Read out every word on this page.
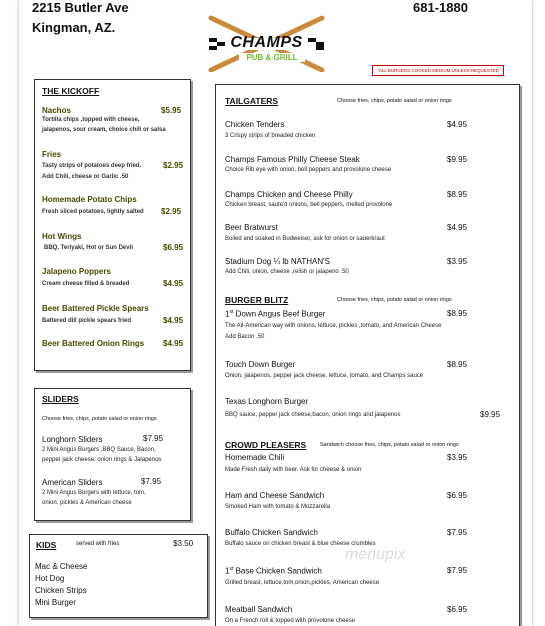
2215 Butler Ave
Kingman, AZ.
681-1880
CHAMPS
PUB & GRILL
*ALL BURGERS COOKED MEDIUM UNLESS REQUESTED
THE KICKOFF
Nachos	$5.95
Tortilla chips ,topped with cheese,
jalapenos, sour cream, choice chili or salsa
Fries
Tasty strips of potatoes deep fried.	$2.95
Add Chili, cheese or Garlic .50
Homemade Potato Chips
Fresh sliced potatoes, lightly salted $2.95
Hot Wings
BBQ, Teriyaki, Hot or Sun Devil	$6.95
Jalapeno Poppers
Cream cheese filled & breaded	$4.95
Beer Battered Pickle Spears
Battered dill pickle spears fried	$4.95
Beer Battered Onion Rings $4.95
SLIDERS
Choose fries, chips, potato salad or onion rings
Longhorn Sliders	$7.95
2 Mini Angus Burgers ,BBQ Sauce, Bacon,
pepper jack cheese, onion rings & Jalapenos
American Sliders	$7.95
2 Mini Angus Burgers with lettuce, tom,
onion, pickles & American cheese
KIDS	served with fries	$3.50
Mac & Cheese
Hot Dog
Chicken Strips
Mini Burger
TAILGATERS	Choose fries, chips, potato salad or onion rings
Chicken Tenders	$4.95
3 Crispy strips of breaded chicken
Champs Famous Philly Cheese Steak	$9.95
Choice Rib eye with onion, bell peppers and provolone cheese
Champs Chicken and Cheese Philly	$8.95
Chicken breast, saute'd onions, bell peppers, melted provolone
Beer Bratwurst	$4.95
Boiled and soaked in Budweiser, ask for onion or sauerkraut
Stadium Dog ¼ lb NATHAN'S	$3.95
Add Chili, onion, cheese ,relish or jalapeno .50
BURGER BLITZ	Choose fries, chips, potato salad or onion rings
1st Down Angus Beef Burger	$8.95
The All-American way with onions, lettuce, pickles ,tomato, and American Cheese
Add Bacon .50
Touch Down Burger	$8.95
Onion, jalapenos, pepper jack cheese, lettuce, tomato, and Champs sauce
Texas Longhorn Burger
BBQ sauce, pepper jack cheese,bacon, onion rings and jalapenos	$9.95
CROWD PLEASERS	Sandwich choose fries, chips, potato salad or onion rings
Homemade Chili	$3.95
Made Fresh daily with beer. Ask for cheese & onion
Ham and Cheese Sandwich	$6.95
Smoked Ham with tomato & Mozzarella
Buffalo Chicken Sandwich	$7.95
Buffalo sauce on chicken breast & blue cheese crumbles
1st Base Chicken Sandwich	$7.95
Grilled breast, lettuce,tom,onion,pickles, American cheese
Meatball Sandwich	$6.95
On a French roll & topped with provolone cheese
menupix
